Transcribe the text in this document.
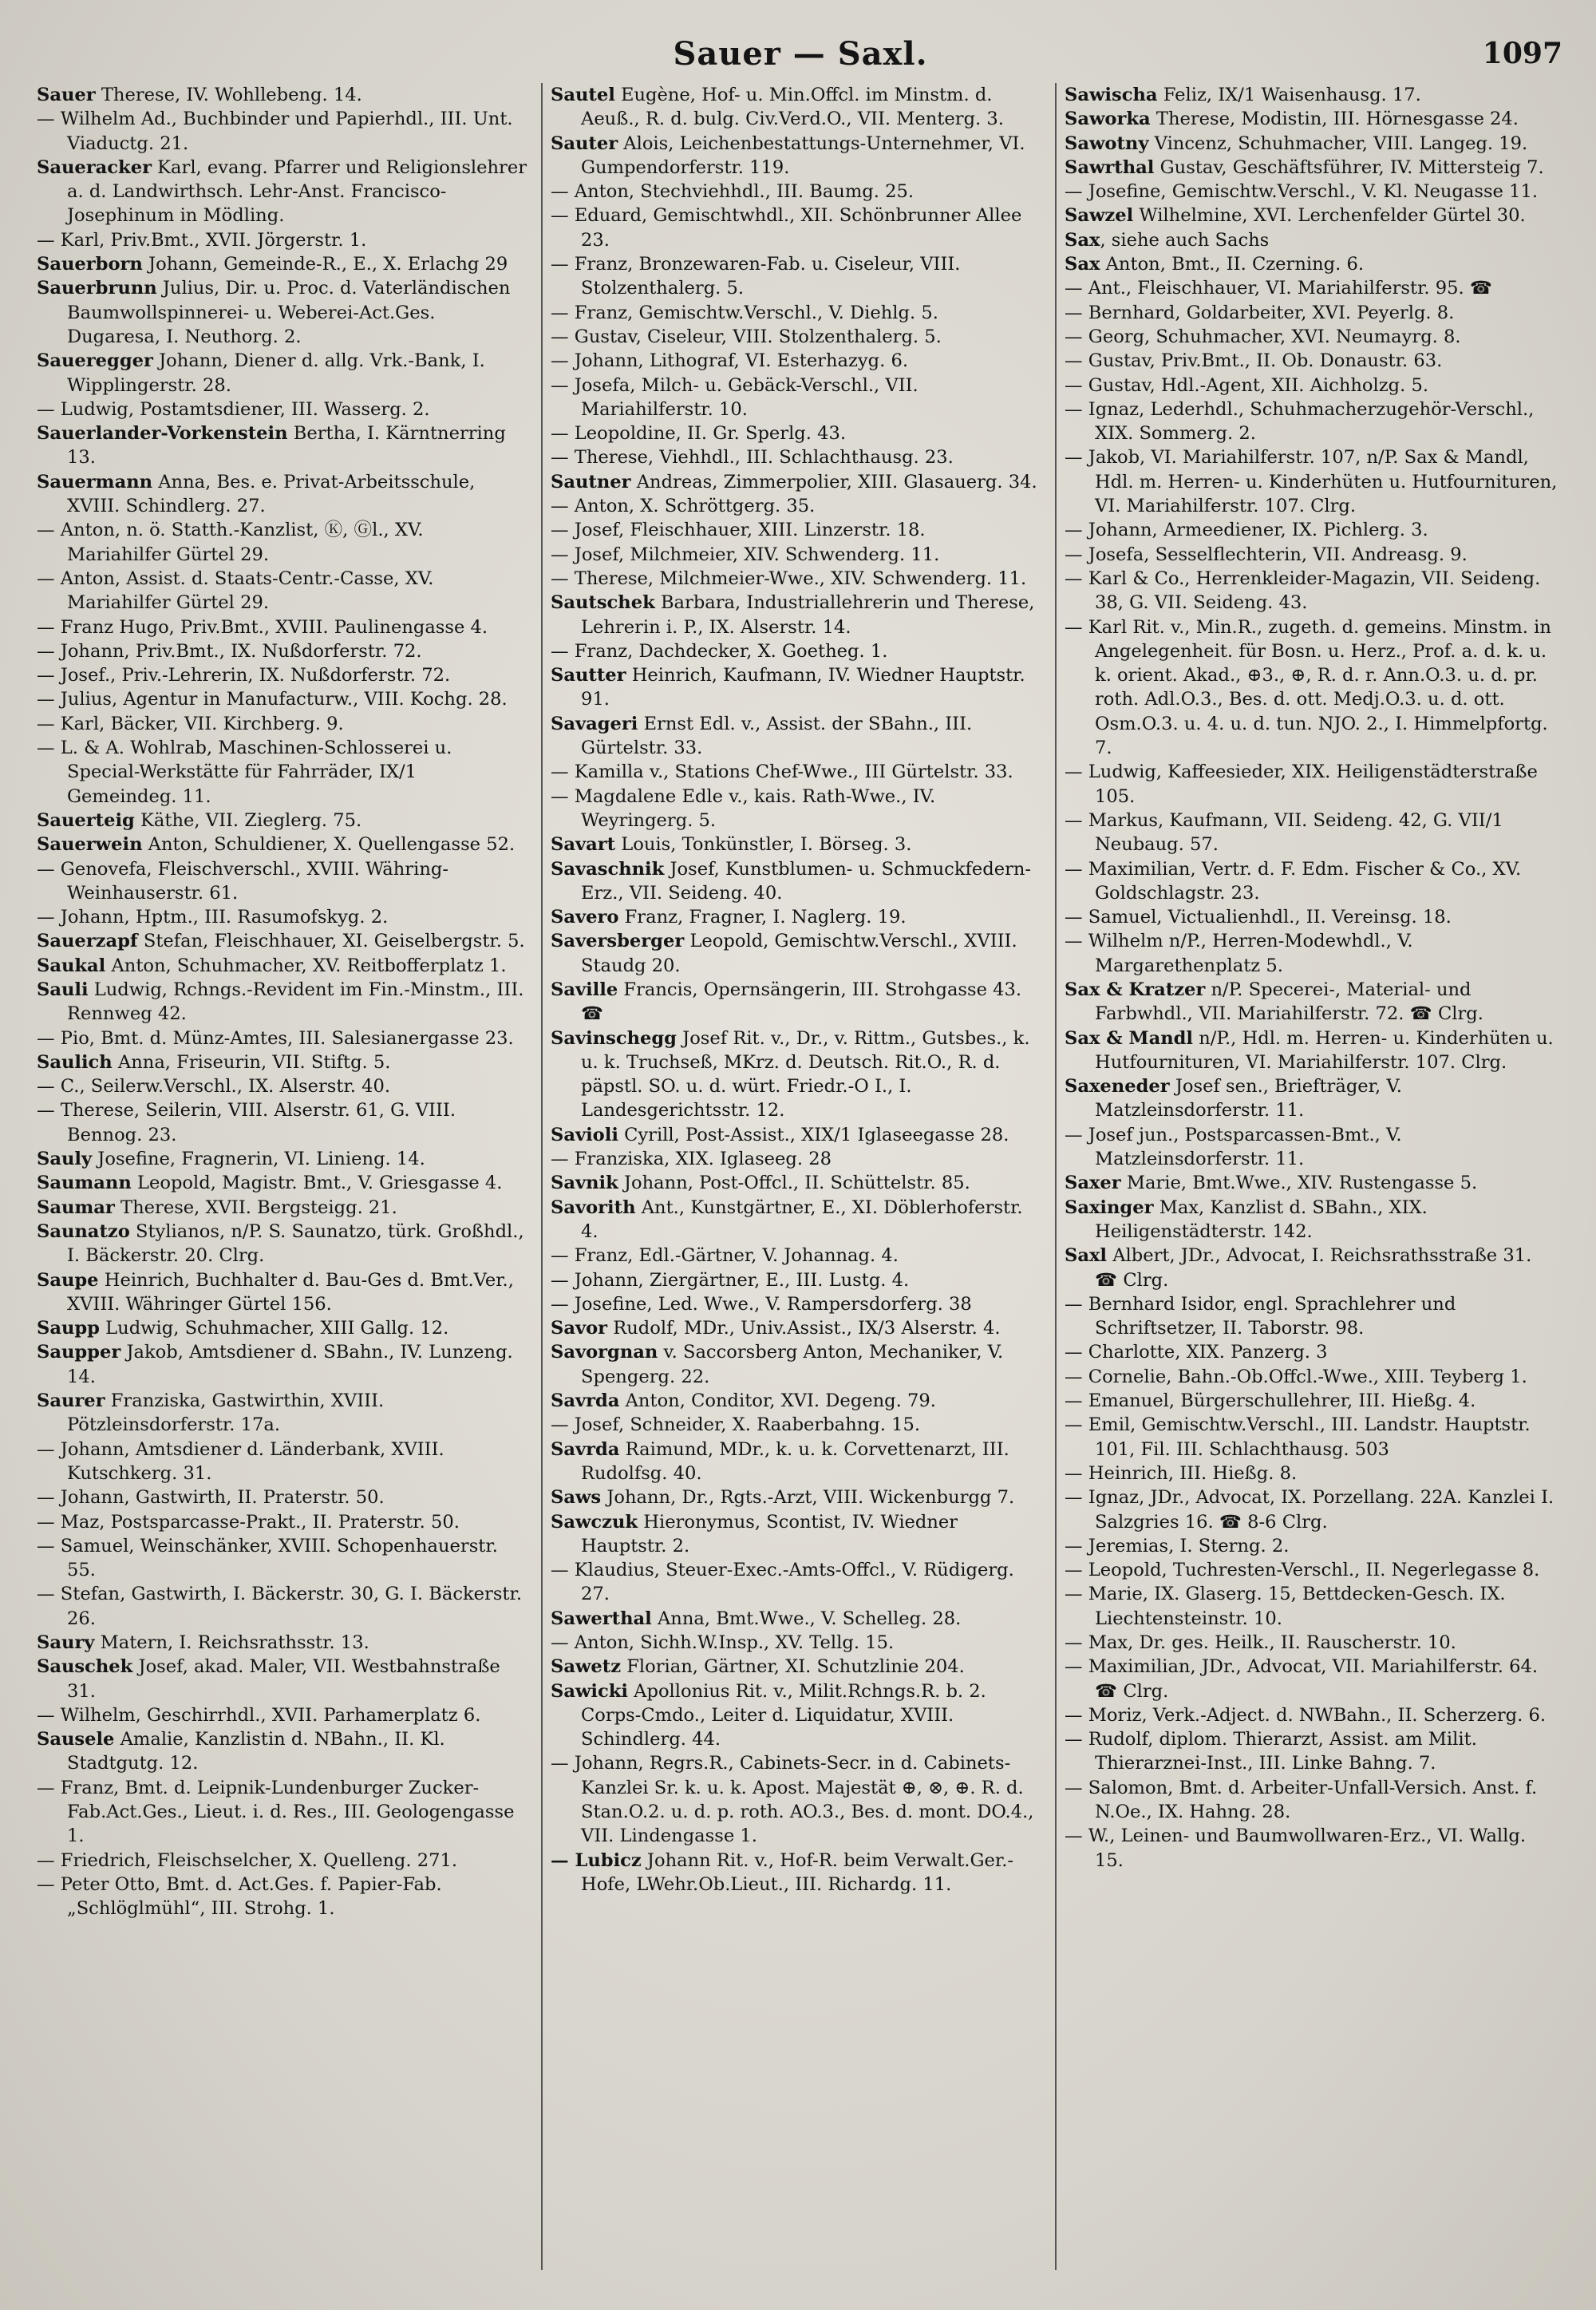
Sauer — Saxl.	1097
Sauer Therese, IV. Wohllebeng. 14.
— Wilhelm Ad., Buchbinder und Papierhdl., III. Unt. Viaductg. 21.
Saueracker Karl, evang. Pfarrer und Religionslehrer a. d. Landwirthsch. Lehr-Anst. Francisco-Josephinum in Mödling.
— Karl, Priv.Bmt., XVII. Jörgerstr. 1.
Sauerborn Johann, Gemeinde-R., E., X. Erlachg 29
Sauerbrunn Julius, Dir. u. Proc. d. Vaterländischen Baumwollspinnerei- u. Weberei-Act.Ges. Dugaresa, I. Neuthorg. 2.
Saueregger Johann, Diener d. allg. Vrk.-Bank, I. Wipplingerstr. 28.
— Ludwig, Postamtsdiener, III. Wasserg. 2.
Sauerlander-Vorkenstein Bertha, I. Kärntnerring 13.
Sauermann Anna, Bes. e. Privat-Arbeitsschule, XVIII. Schindlerg. 27.
— Anton, n. ö. Statth.-Kanzlist, Ⓚ, Ⓖl., XV. Mariahilfer Gürtel 29.
— Anton, Assist. d. Staats-Centr.-Casse, XV. Mariahilfer Gürtel 29.
— Franz Hugo, Priv.Bmt., XVIII. Paulinengasse 4.
— Johann, Priv.Bmt., IX. Nußdorferstr. 72.
— Josef., Priv.-Lehrerin, IX. Nußdorferstr. 72.
— Julius, Agentur in Manufacturw., VIII. Kochg. 28.
— Karl, Bäcker, VII. Kirchberg. 9.
— L. & A. Wohlrab, Maschinen-Schlosserei u. Special-Werkstätte für Fahrräder, IX/1 Gemeindeg. 11.
Sauerteig Käthe, VII. Zieglerg. 75.
Sauerwein Anton, Schuldiener, X. Quellengasse 52.
— Genovefa, Fleischverschl., XVIII. Währing-Weinhauserstr. 61.
— Johann, Hptm., III. Rasumofskyg. 2.
Sauerzapf Stefan, Fleischhauer, XI. Geiselbergstr. 5.
Saukal Anton, Schuhmacher, XV. Reitbofferplatz 1.
Sauli Ludwig, Rchngs.-Revident im Fin.-Minstm., III. Rennweg 42.
— Pio, Bmt. d. Münz-Amtes, III. Salesianergasse 23.
Saulich Anna, Friseurin, VII. Stiftg. 5.
— C., Seilerw.Verschl., IX. Alserstr. 40.
— Therese, Seilerin, VIII. Alserstr. 61, G. VIII. Bennog. 23.
Sauly Josefine, Fragnerin, VI. Linieng. 14.
Saumann Leopold, Magistr. Bmt., V. Griesgasse 4.
Saumar Therese, XVII. Bergsteigg. 21.
Saunatzo Stylianos, n/P. S. Saunatzo, türk. Großhdl., I. Bäckerstr. 20. Clrg.
Saupe Heinrich, Buchhalter d. Bau-Ges d. Bmt.Ver., XVIII. Währinger Gürtel 156.
Saupp Ludwig, Schuhmacher, XIII Gallg. 12.
Saupper Jakob, Amtsdiener d. SBahn., IV. Lunzeng. 14.
Saurer Franziska, Gastwirthin, XVIII. Pötzleinsdorferstr. 17a.
— Johann, Amtsdiener d. Länderbank, XVIII. Kutschkerg. 31.
— Johann, Gastwirth, II. Praterstr. 50.
— Maz, Postsparcasse-Prakt., II. Praterstr. 50.
— Samuel, Weinschänker, XVIII. Schopenhauerstr. 55.
— Stefan, Gastwirth, I. Bäckerstr. 30, G. I. Bäckerstr. 26.
Saury Matern, I. Reichsrathsstr. 13.
Sauschek Josef, akad. Maler, VII. Westbahnstraße 31.
— Wilhelm, Geschirrhdl., XVII. Parhamerplatz 6.
Sausele Amalie, Kanzlistin d. NBahn., II. Kl. Stadtgutg. 12.
— Franz, Bmt. d. Leipnik-Lundenburger Zucker-Fab.Act.Ges., Lieut. i. d. Res., III. Geologengasse 1.
— Friedrich, Fleischselcher, X. Quelleng. 271.
— Peter Otto, Bmt. d. Act.Ges. f. Papier-Fab. „Schlöglmühl“, III. Strohg. 1.
Sautel Eugène, Hof- u. Min.Offcl. im Minstm. d. Aeuß., R. d. bulg. Civ.Verd.O., VII. Menterg. 3.
Sauter Alois, Leichenbestattungs-Unternehmer, VI. Gumpendorferstr. 119.
— Anton, Stechviehhdl., III. Baumg. 25.
— Eduard, Gemischtwhdl., XII. Schönbrunner Allee 23.
— Franz, Bronzewaren-Fab. u. Ciseleur, VIII. Stolzenthalerg. 5.
— Franz, Gemischtw.Verschl., V. Diehlg. 5.
— Gustav, Ciseleur, VIII. Stolzenthalerg. 5.
— Johann, Lithograf, VI. Esterhazyg. 6.
— Josefa, Milch- u. Gebäck-Verschl., VII. Mariahilferstr. 10.
— Leopoldine, II. Gr. Sperlg. 43.
— Therese, Viehhdl., III. Schlachthausg. 23.
Sautner Andreas, Zimmerpolier, XIII. Glasauerg. 34.
— Anton, X. Schröttgerg. 35.
— Josef, Fleischhauer, XIII. Linzerstr. 18.
— Josef, Milchmeier, XIV. Schwenderg. 11.
— Therese, Milchmeier-Wwe., XIV. Schwenderg. 11.
Sautschek Barbara, Industriallehrerin und Therese, Lehrerin i. P., IX. Alserstr. 14.
— Franz, Dachdecker, X. Goetheg. 1.
Sautter Heinrich, Kaufmann, IV. Wiedner Hauptstr. 91.
Savageri Ernst Edl. v., Assist. der SBahn., III. Gürtelstr. 33.
— Kamilla v., Stations Chef-Wwe., III Gürtelstr. 33.
— Magdalene Edle v., kais. Rath-Wwe., IV. Weyringerg. 5.
Savart Louis, Tonkünstler, I. Börseg. 3.
Savaschnik Josef, Kunstblumen- u. Schmuckfedern-Erz., VII. Seideng. 40.
Savero Franz, Fragner, I. Naglerg. 19.
Saversberger Leopold, Gemischtw.Verschl., XVIII. Staudg 20.
Saville Francis, Opernsängerin, III. Strohgasse 43. ☎
Savinschegg Josef Rit. v., Dr., v. Rittm., Gutsbes., k. u. k. Truchseß, MKrz. d. Deutsch. Rit.O., R. d. päpstl. SO. u. d. würt. Friedr.-O I., I. Landesgerichtsstr. 12.
Savioli Cyrill, Post-Assist., XIX/1 Iglaseegasse 28.
— Franziska, XIX. Iglaseeg. 28
Savnik Johann, Post-Offcl., II. Schüttelstr. 85.
Savorith Ant., Kunstgärtner, E., XI. Döblerhoferstr. 4.
— Franz, Edl.-Gärtner, V. Johannag. 4.
— Johann, Ziergärtner, E., III. Lustg. 4.
— Josefine, Led. Wwe., V. Rampersdorferg. 38
Savor Rudolf, MDr., Univ.Assist., IX/3 Alserstr. 4.
Savorgnan v. Saccorsberg Anton, Mechaniker, V. Spengerg. 22.
Savrda Anton, Conditor, XVI. Degeng. 79.
— Josef, Schneider, X. Raaberbahng. 15.
Savrda Raimund, MDr., k. u. k. Corvettenarzt, III. Rudolfsg. 40.
Saws Johann, Dr., Rgts.-Arzt, VIII. Wickenburgg 7.
Sawczuk Hieronymus, Scontist, IV. Wiedner Hauptstr. 2.
— Klaudius, Steuer-Exec.-Amts-Offcl., V. Rüdigerg. 27.
Sawerthal Anna, Bmt.Wwe., V. Schelleg. 28.
— Anton, Sichh.W.Insp., XV. Tellg. 15.
Sawetz Florian, Gärtner, XI. Schutzlinie 204.
Sawicki Apollonius Rit. v., Milit.Rchngs.R. b. 2. Corps-Cmdo., Leiter d. Liquidatur, XVIII. Schindlerg. 44.
— Johann, Regrs.R., Cabinets-Secr. in d. Cabinets-Kanzlei Sr. k. u. k. Apost. Majestät ⊕, ⊗, ⊕. R. d. Stan.O.2. u. d. p. roth. AO.3., Bes. d. mont. DO.4., VII. Lindengasse 1.
— Lubicz Johann Rit. v., Hof-R. beim Verwalt.Ger.-Hofe, LWehr.Ob.Lieut., III. Richardg. 11.
Sawischa Feliz, IX/1 Waisenhausg. 17.
Saworka Therese, Modistin, III. Hörnesgasse 24.
Sawotny Vincenz, Schuhmacher, VIII. Langeg. 19.
Sawrthal Gustav, Geschäftsführer, IV. Mittersteig 7.
— Josefine, Gemischtw.Verschl., V. Kl. Neugasse 11.
Sawzel Wilhelmine, XVI. Lerchenfelder Gürtel 30.
Sax, siehe auch Sachs
Sax Anton, Bmt., II. Czerning. 6.
— Ant., Fleischhauer, VI. Mariahilferstr. 95. ☎
— Bernhard, Goldarbeiter, XVI. Peyerlg. 8.
— Georg, Schuhmacher, XVI. Neumayrg. 8.
— Gustav, Priv.Bmt., II. Ob. Donaustr. 63.
— Gustav, Hdl.-Agent, XII. Aichholzg. 5.
— Ignaz, Lederhdl., Schuhmacherzugehör-Verschl., XIX. Sommerg. 2.
— Jakob, VI. Mariahilferstr. 107, n/P. Sax & Mandl, Hdl. m. Herren- u. Kinderhüten u. Hutfournituren, VI. Mariahilferstr. 107. Clrg.
— Johann, Armeediener, IX. Pichlerg. 3.
— Josefa, Sesselflechterin, VII. Andreasg. 9.
— Karl & Co., Herrenkleider-Magazin, VII. Seideng. 38, G. VII. Seideng. 43.
— Karl Rit. v., Min.R., zugeth. d. gemeins. Minstm. in Angelegenheit. für Bosn. u. Herz., Prof. a. d. k. u. k. orient. Akad., ⊕3., ⊕, R. d. r. Ann.O.3. u. d. pr. roth. Adl.O.3., Bes. d. ott. Medj.O.3. u. d. ott. Osm.O.3. u. 4. u. d. tun. NJO. 2., I. Himmelpfortg. 7.
— Ludwig, Kaffeesieder, XIX. Heiligenstädterstraße 105.
— Markus, Kaufmann, VII. Seideng. 42, G. VII/1 Neubaug. 57.
— Maximilian, Vertr. d. F. Edm. Fischer & Co., XV. Goldschlagstr. 23.
— Samuel, Victualienhdl., II. Vereinsg. 18.
— Wilhelm n/P., Herren-Modewhdl., V. Margarethenplatz 5.
Sax & Kratzer n/P. Specerei-, Material- und Farbwhdl., VII. Mariahilferstr. 72. ☎ Clrg.
Sax & Mandl n/P., Hdl. m. Herren- u. Kinderhüten u. Hutfournituren, VI. Mariahilferstr. 107. Clrg.
Saxeneder Josef sen., Briefträger, V. Matzleinsdorferstr. 11.
— Josef jun., Postsparcassen-Bmt., V. Matzleinsdorferstr. 11.
Saxer Marie, Bmt.Wwe., XIV. Rustengasse 5.
Saxinger Max, Kanzlist d. SBahn., XIX. Heiligenstädterstr. 142.
Saxl Albert, JDr., Advocat, I. Reichsrathsstraße 31. ☎ Clrg.
— Bernhard Isidor, engl. Sprachlehrer und Schriftsetzer, II. Taborstr. 98.
— Charlotte, XIX. Panzerg. 3
— Cornelie, Bahn.-Ob.Offcl.-Wwe., XIII. Teyberg 1.
— Emanuel, Bürgerschullehrer, III. Hießg. 4.
— Emil, Gemischtw.Verschl., III. Landstr. Hauptstr. 101, Fil. III. Schlachthausg. 503
— Heinrich, III. Hießg. 8.
— Ignaz, JDr., Advocat, IX. Porzellang. 22A. Kanzlei I. Salzgries 16. ☎ 8-6 Clrg.
— Jeremias, I. Sterng. 2.
— Leopold, Tuchresten-Verschl., II. Negerlegasse 8.
— Marie, IX. Glaserg. 15, Bettdecken-Gesch. IX. Liechtensteinstr. 10.
— Max, Dr. ges. Heilk., II. Rauscherstr. 10.
— Maximilian, JDr., Advocat, VII. Mariahilferstr. 64. ☎ Clrg.
— Moriz, Verk.-Adject. d. NWBahn., II. Scherzerg. 6.
— Rudolf, diplom. Thierarzt, Assist. am Milit. Thierarznei-Inst., III. Linke Bahng. 7.
— Salomon, Bmt. d. Arbeiter-Unfall-Versich. Anst. f. N.Oe., IX. Hahng. 28.
— W., Leinen- und Baumwollwaren-Erz., VI. Wallg. 15.
